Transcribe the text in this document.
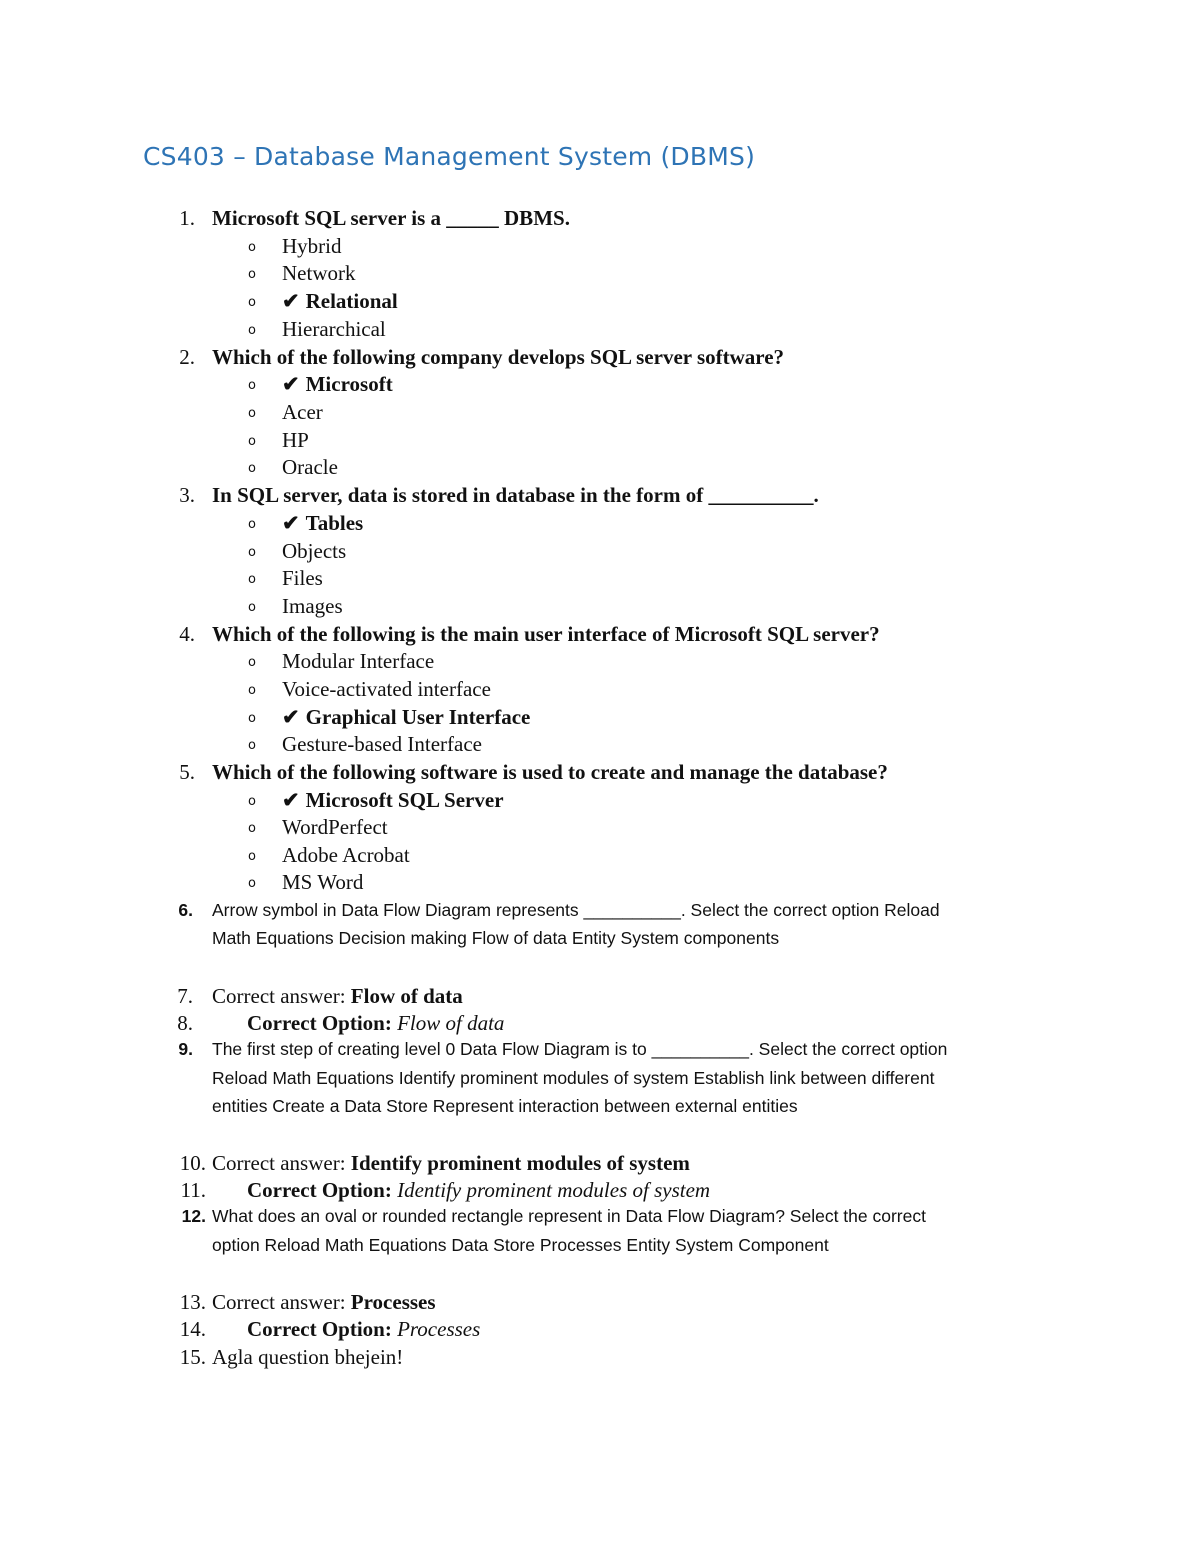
CS403 – Database Management System (DBMS)
1. Microsoft SQL server is a _____ DBMS.
o Hybrid
o Network
o ✔ Relational
o Hierarchical
2. Which of the following company develops SQL server software?
o ✔ Microsoft
o Acer
o HP
o Oracle
3. In SQL server, data is stored in database in the form of __________.
o ✔ Tables
o Objects
o Files
o Images
4. Which of the following is the main user interface of Microsoft SQL server?
o Modular Interface
o Voice-activated interface
o ✔ Graphical User Interface
o Gesture-based Interface
5. Which of the following software is used to create and manage the database?
o ✔ Microsoft SQL Server
o WordPerfect
o Adobe Acrobat
o MS Word
6. Arrow symbol in Data Flow Diagram represents __________. Select the correct option Reload
Math Equations Decision making Flow of data Entity System components
7. Correct answer: Flow of data
8.	Correct Option: Flow of data
9. The first step of creating level 0 Data Flow Diagram is to __________. Select the correct option
Reload Math Equations Identify prominent modules of system Establish link between different
entities Create a Data Store Represent interaction between external entities
10. Correct answer: Identify prominent modules of system
11. Correct Option: Identify prominent modules of system
12. What does an oval or rounded rectangle represent in Data Flow Diagram? Select the correct
option Reload Math Equations Data Store Processes Entity System Component
13. Correct answer: Processes
14. Correct Option: Processes
15. Agla question bhejein!
